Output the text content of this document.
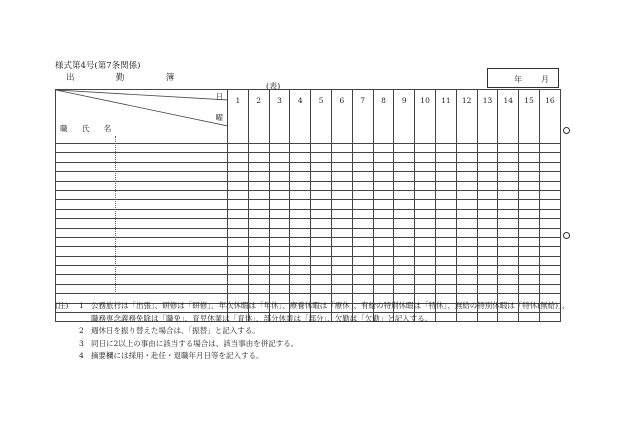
様式第4号(第7条関係)
出	勤	簿	年 月
(表)
日
曜
職 氏 名	1	2	3	4	5	6	7	8	9	10	11	12	13	14	15	16

(注) 1 公務旅行は「出張」、研修は「研修」、年次休暇は「年休」、療養休暇は「療休」、有給の特別休暇は「特休」、無給の特別休暇は「特休(無給)」、職務専念義務免除は「職免」、育児休業は「育休」、部分休業は「部分」、欠勤は「欠勤」と記入する。
2 週休日を振り替えた場合は、「振替」と記入する。
3 同日に2以上の事由に該当する場合は、該当事由を併記する。
4 摘要欄には採用・赴任・退職年月日等を記入する。
